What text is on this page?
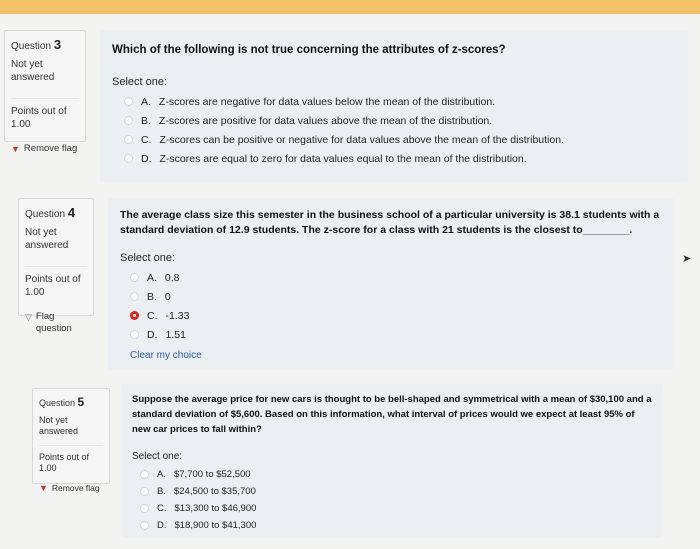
Question 3
Not yet answered
Points out of 1.00
▼ Remove flag
Which of the following is not true concerning the attributes of z-scores?
Select one:
A. Z-scores are negative for data values below the mean of the distribution.
B. Z-scores are positive for data values above the mean of the distribution.
C. Z-scores can be positive or negative for data values above the mean of the distribution.
D. Z-scores are equal to zero for data values equal to the mean of the distribution.
Question 4
Not yet answered
Points out of 1.00
▽ Flag question
The average class size this semester in the business school of a particular university is 38.1 students with a standard deviation of 12.9 students. The z-score for a class with 21 students is the closest to________.
Select one:
A. 0.8
B. 0
C. -1.33
D. 1.51
Clear my choice
➤
Question 5
Not yet answered
Points out of 1.00
▼ Remove flag
Suppose the average price for new cars is thought to be bell-shaped and symmetrical with a mean of $30,100 and a standard deviation of $5,600. Based on this information, what interval of prices would we expect at least 95% of new car prices to fall within?
Select one:
A. $7,700 to $52,500
B. $24,500 to $35,700
C. $13,300 to $46,900
D. $18,900 to $41,300
